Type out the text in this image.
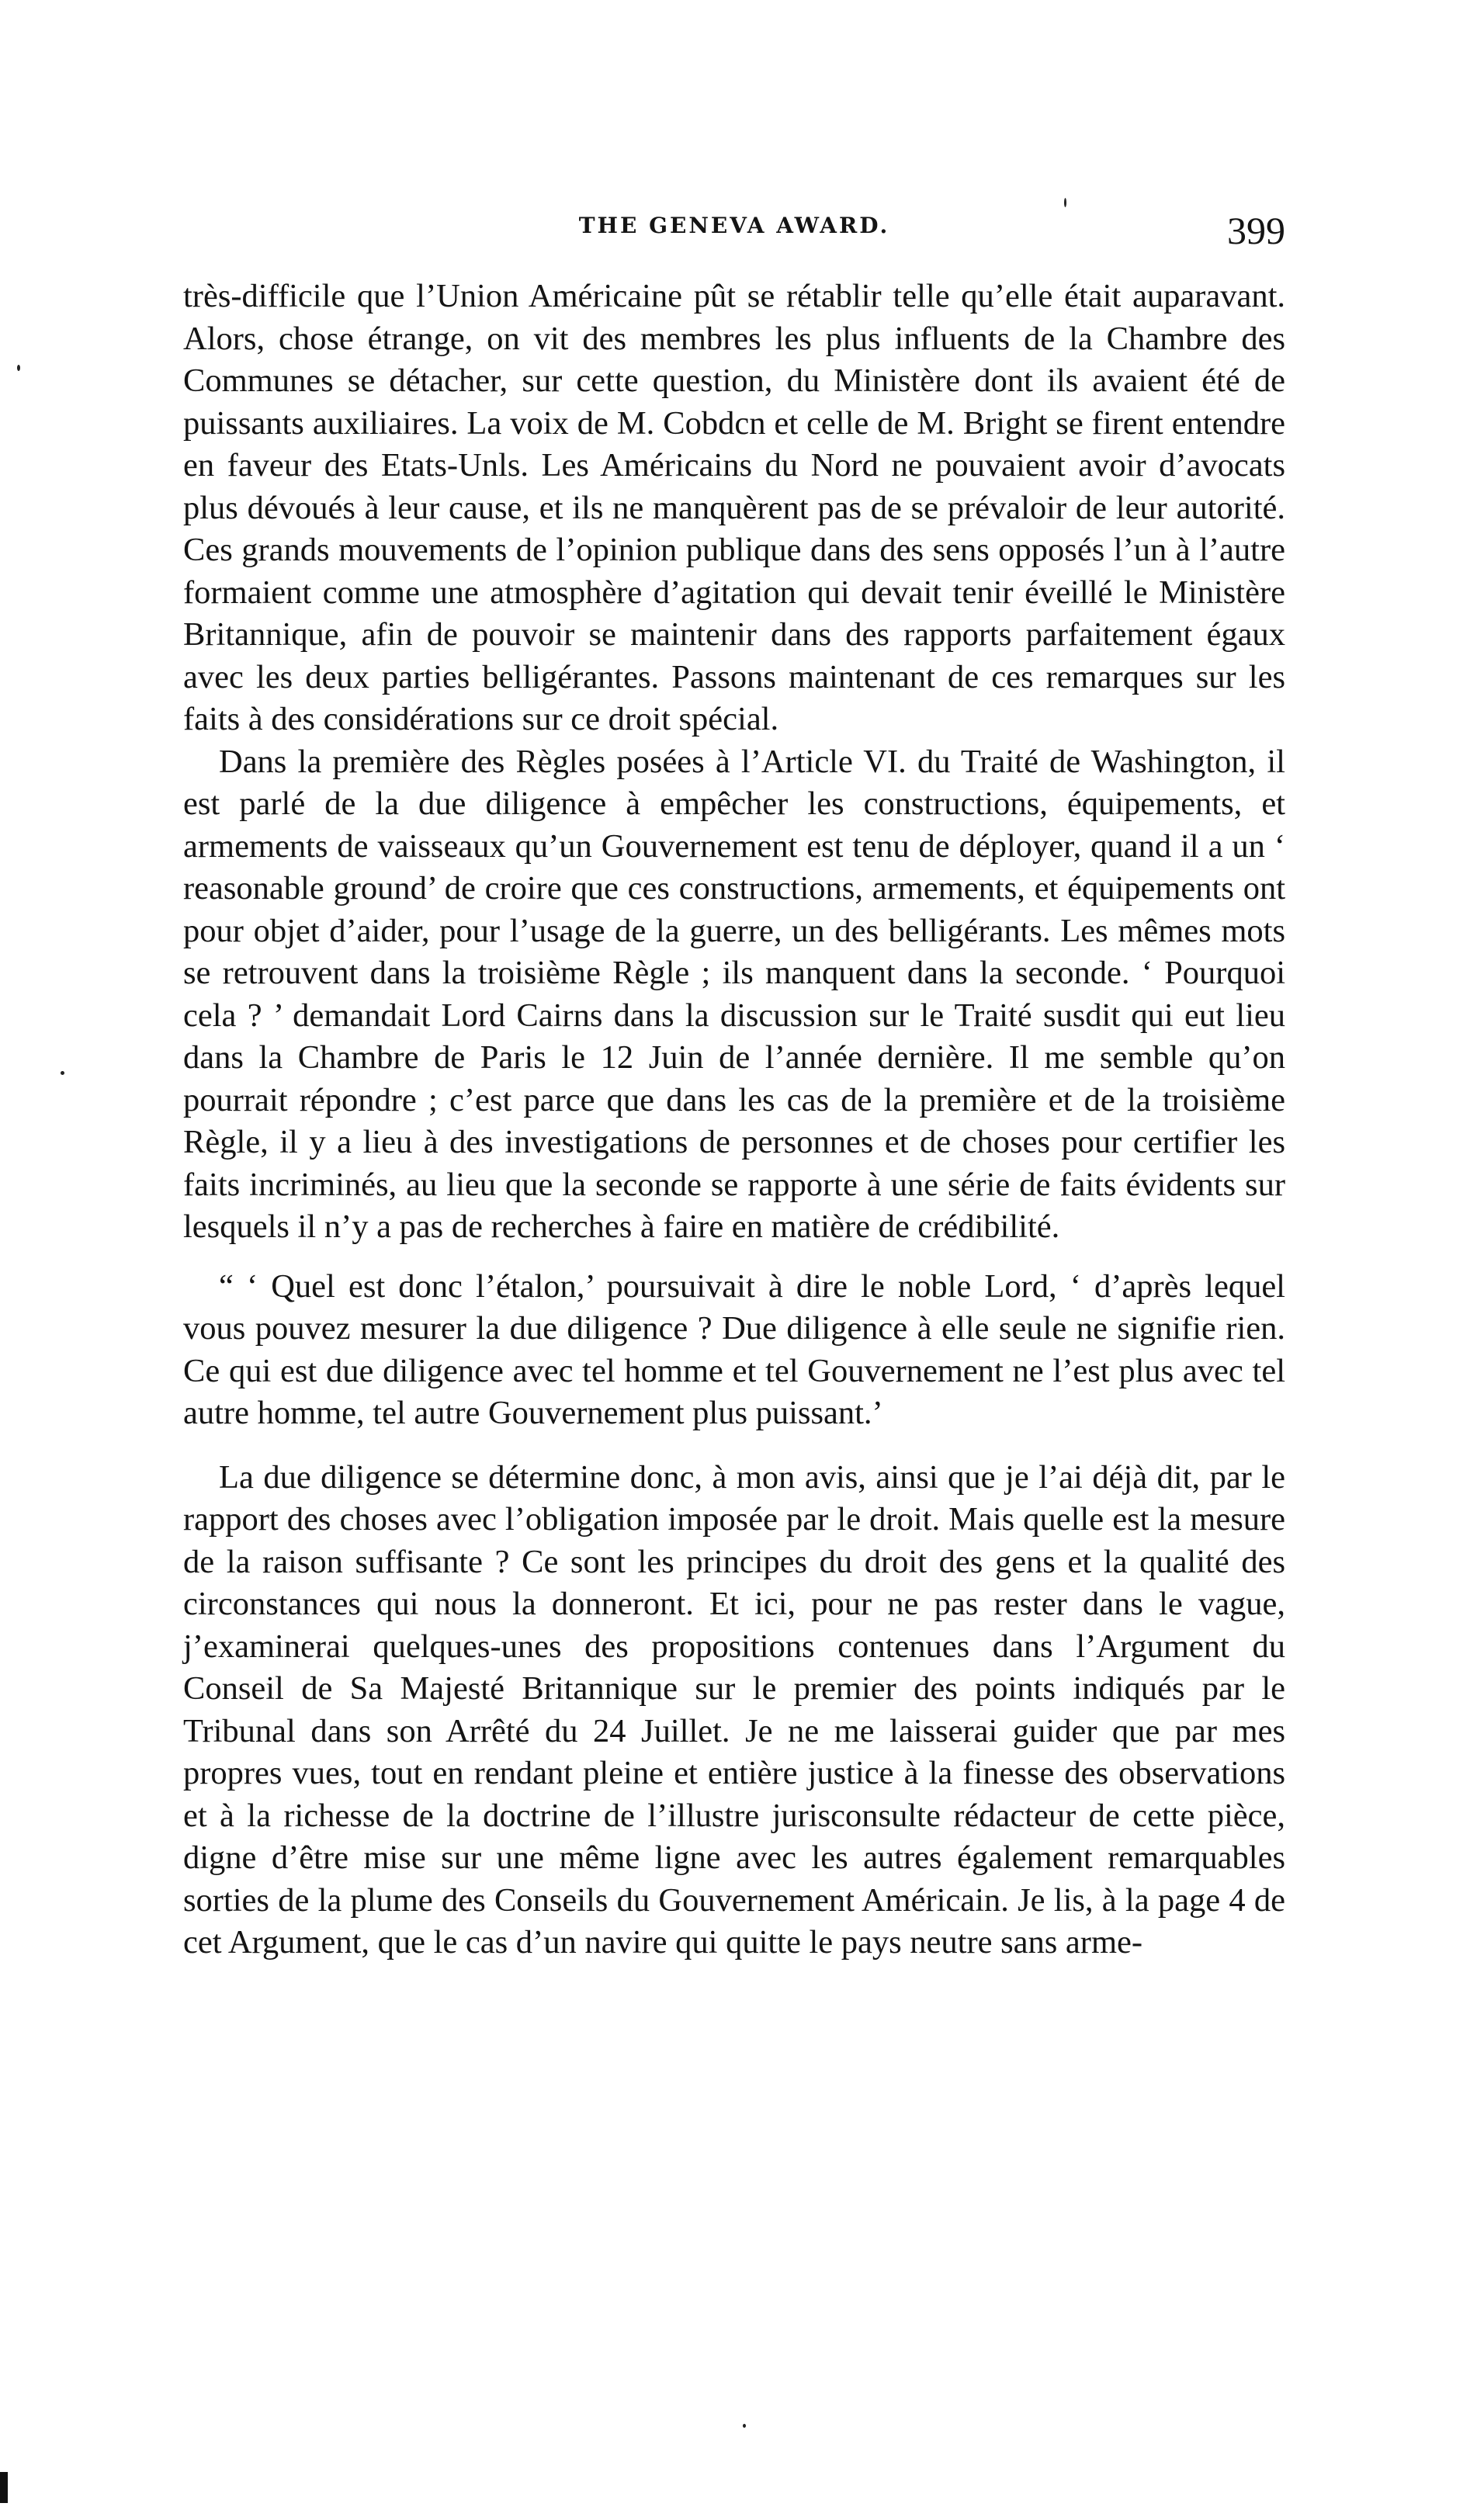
THE GENEVA AWARD.	399

très-difficile que l’Union Américaine pût se rétablir telle qu’elle était auparavant. Alors, chose étrange, on vit des membres les plus influents de la Chambre des Communes se détacher, sur cette question, du Ministère dont ils avaient été de puissants auxiliaires. La voix de M. Cobdcn et celle de M. Bright se firent entendre en faveur des Etats-Unls. Les Américains du Nord ne pouvaient avoir d’avocats plus dévoués à leur cause, et ils ne manquèrent pas de se prévaloir de leur autorité. Ces grands mouvements de l’opinion publique dans des sens opposés l’un à l’autre formaient comme une atmosphère d’agitation qui devait tenir éveillé le Ministère Britannique, afin de pouvoir se maintenir dans des rapports parfaitement égaux avec les deux parties belligérantes. Passons maintenant de ces remarques sur les faits à des considérations sur ce droit spécial.

Dans la première des Règles posées à l’Article VI. du Traité de Washington, il est parlé de la due diligence à empêcher les constructions, équipements, et armements de vaisseaux qu’un Gouvernement est tenu de déployer, quand il a un ‘ reasonable ground’ de croire que ces constructions, armements, et équipements ont pour objet d’aider, pour l’usage de la guerre, un des belligérants. Les mêmes mots se retrouvent dans la troisième Règle ; ils manquent dans la seconde. ‘ Pourquoi cela ? ’ demandait Lord Cairns dans la discussion sur le Traité susdit qui eut lieu dans la Chambre de Paris le 12 Juin de l’année dernière. Il me semble qu’on pourrait répondre ; c’est parce que dans les cas de la première et de la troisième Règle, il y a lieu à des investigations de personnes et de choses pour certifier les faits incriminés, au lieu que la seconde se rapporte à une série de faits évidents sur lesquels il n’y a pas de recherches à faire en matière de crédibilité.

“ ‘ Quel est donc l’étalon,’ poursuivait à dire le noble Lord, ‘ d’après lequel vous pouvez mesurer la due diligence ? Due diligence à elle seule ne signifie rien. Ce qui est due diligence avec tel homme et tel Gouvernement ne l’est plus avec tel autre homme, tel autre Gouvernement plus puissant.’

La due diligence se détermine donc, à mon avis, ainsi que je l’ai déjà dit, par le rapport des choses avec l’obligation imposée par le droit. Mais quelle est la mesure de la raison suffisante ? Ce sont les principes du droit des gens et la qualité des circonstances qui nous la donneront. Et ici, pour ne pas rester dans le vague, j’examinerai quelques-unes des propositions contenues dans l’Argument du Conseil de Sa Majesté Britannique sur le premier des points indiqués par le Tribunal dans son Arrêté du 24 Juillet. Je ne me laisserai guider que par mes propres vues, tout en rendant pleine et entière justice à la finesse des observations et à la richesse de la doctrine de l’illustre jurisconsulte rédacteur de cette pièce, digne d’être mise sur une même ligne avec les autres également remarquables sorties de la plume des Conseils du Gouvernement Américain. Je lis, à la page 4 de cet Argument, que le cas d’un navire qui quitte le pays neutre sans arme-
